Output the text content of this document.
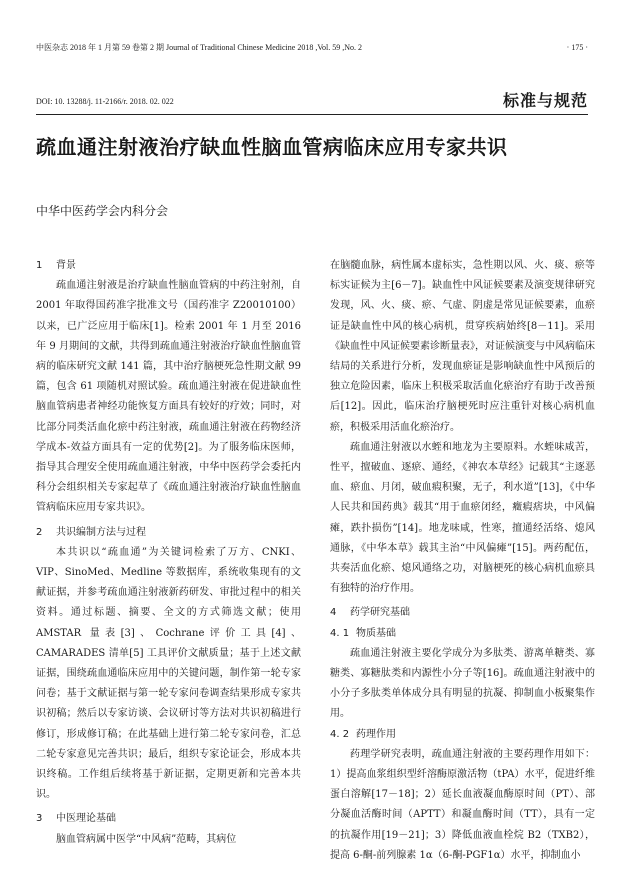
中医杂志 2018 年 1 月第 59 卷第 2 期 Journal of Traditional Chinese Medicine 2018 ,Vol. 59 ,No. 2	· 175 ·
DOI: 10. 13288/j. 11-2166/r. 2018. 02. 022	标准与规范
疏血通注射液治疗缺血性脑血管病临床应用专家共识
中华中医药学会内科分会

1 背景

疏血通注射液是治疗缺血性脑血管病的中药注射剂，自 2001 年取得国药准字批准文号（国药准字 Z20010100）以来，已广泛应用于临床[1]。检索 2001 年 1 月至 2016 年 9 月期间的文献，共得到疏血通注射液治疗缺血性脑血管病的临床研究文献 141 篇，其中治疗脑梗死急性期文献 99 篇，包含 61 项随机对照试验。疏血通注射液在促进缺血性脑血管病患者神经功能恢复方面具有较好的疗效；同时，对比部分同类活血化瘀中药注射液，疏血通注射液在药物经济学成本-效益方面具有一定的优势[2]。为了服务临床医师，指导其合理安全使用疏血通注射液，中华中医药学会委托内科分会组织相关专家起草了《疏血通注射液治疗缺血性脑血管病临床应用专家共识》。

2 共识编制方法与过程

本共识以“疏血通”为关键词检索了万方、CNKI、VIP、SinoMed、Medline 等数据库，系统收集现有的文献证据，并参考疏血通注射液新药研发、审批过程中的相关资料。通过标题、摘要、全文的方式筛选文献；使用 AMSTAR 量表[3]、Cochrane评价工具[4]、CAMARADES 清单[5] 工具评价文献质量；基于上述文献证据，围绕疏血通临床应用中的关键问题，制作第一轮专家问卷；基于文献证据与第一轮专家问卷调查结果形成专家共识初稿；然后以专家访谈、会议研讨等方法对共识初稿进行修订，形成修订稿；在此基础上进行第二轮专家问卷，汇总二轮专家意见完善共识；最后，组织专家论证会，形成本共识终稿。工作组后续将基于新证据，定期更新和完善本共识。

3 中医理论基础

脑血管病属中医学“中风病”范畴，其病位

在脑髓血脉，病性属本虚标实，急性期以风、火、痰、瘀等标实证候为主[6－7]。缺血性中风证候要素及演变规律研究发现，风、火、痰、瘀、气虚、阴虚是常见证候要素，血瘀证是缺血性中风的核心病机，贯穿疾病始终[8－11]。采用《缺血性中风证候要素诊断量表》，对证候演变与中风病临床结局的关系进行分析，发现血瘀证是影响缺血性中风预后的独立危险因素，临床上积极采取活血化瘀治疗有助于改善预后[12]。因此，临床治疗脑梗死时应注重针对核心病机血瘀，积极采用活血化瘀治疗。

疏血通注射液以水蛭和地龙为主要原料。水蛭味咸苦，性平，擅破血、逐瘀、通经，《神农本草经》记载其“主逐恶血、瘀血、月闭，破血瘕积聚，无子，利水道”[13]，《中华人民共和国药典》载其“用于血瘀闭经，癥瘕痞块，中风偏瘫，跌扑损伤”[14]。地龙味咸，性寒，擅通经活络、熄风通脉，《中华本草》载其主治“中风偏瘫”[15]。两药配伍，共奏活血化瘀、熄风通络之功，对脑梗死的核心病机血瘀具有独特的治疗作用。

4 药学研究基础

4. 1 物质基础

疏血通注射液主要化学成分为多肽类、游离单糖类、寡糖类、寡糖肽类和内源性小分子等[16]。疏血通注射液中的小分子多肽类单体成分具有明显的抗凝、抑制血小板聚集作用。

4. 2 药理作用

药理学研究表明，疏血通注射液的主要药理作用如下：1）提高血浆组织型纤溶酶原激活物（tPA）水平，促进纤维蛋白溶解[17－18]；2）延长血液凝血酶原时间（PT）、部分凝血活酶时间（APTT）和凝血酶时间（TT），具有一定的抗凝作用[19－21]；3）降低血液血栓烷 B2（TXB2），提高 6-酮-前列腺素 1α（6-酮-PGF1α）水平，抑制血小
